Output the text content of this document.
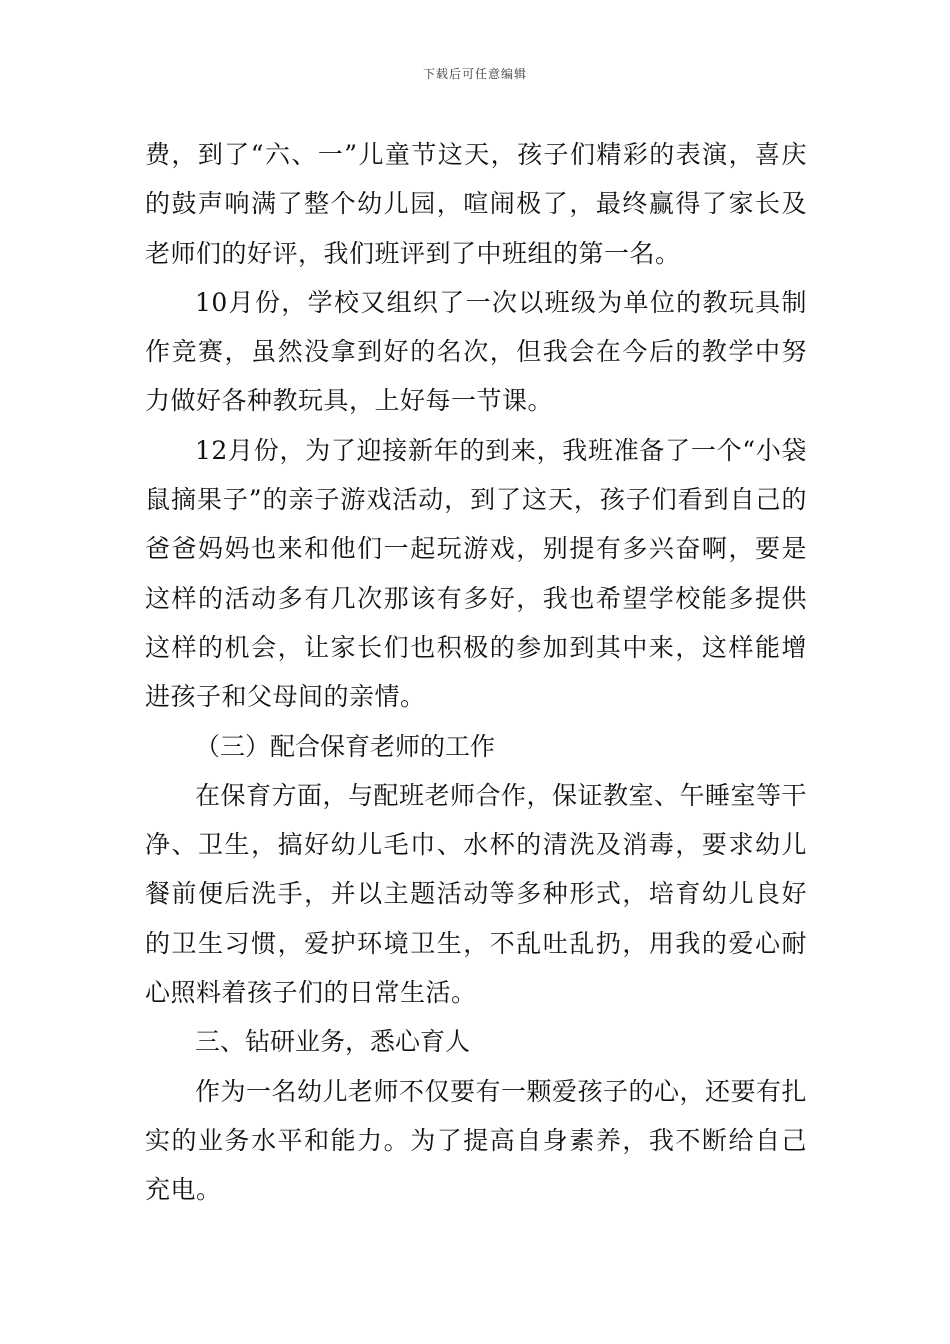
下载后可任意编辑

费，到了“六、一”儿童节这天，孩子们精彩的表演，喜庆的鼓声响满了整个幼儿园，喧闹极了，最终赢得了家长及老师们的好评，我们班评到了中班组的第一名。

10月份，学校又组织了一次以班级为单位的教玩具制作竞赛，虽然没拿到好的名次，但我会在今后的教学中努力做好各种教玩具，上好每一节课。

12月份，为了迎接新年的到来，我班准备了一个“小袋鼠摘果子”的亲子游戏活动，到了这天，孩子们看到自己的爸爸妈妈也来和他们一起玩游戏，别提有多兴奋啊，要是这样的活动多有几次那该有多好，我也希望学校能多提供这样的机会，让家长们也积极的参加到其中来，这样能增进孩子和父母间的亲情。

（三）配合保育老师的工作

在保育方面，与配班老师合作，保证教室、午睡室等干净、卫生，搞好幼儿毛巾、水杯的清洗及消毒，要求幼儿餐前便后洗手，并以主题活动等多种形式，培育幼儿良好的卫生习惯，爱护环境卫生，不乱吐乱扔，用我的爱心耐心照料着孩子们的日常生活。

三、钻研业务，悉心育人

作为一名幼儿老师不仅要有一颗爱孩子的心，还要有扎实的业务水平和能力。为了提高自身素养，我不断给自己充电。
